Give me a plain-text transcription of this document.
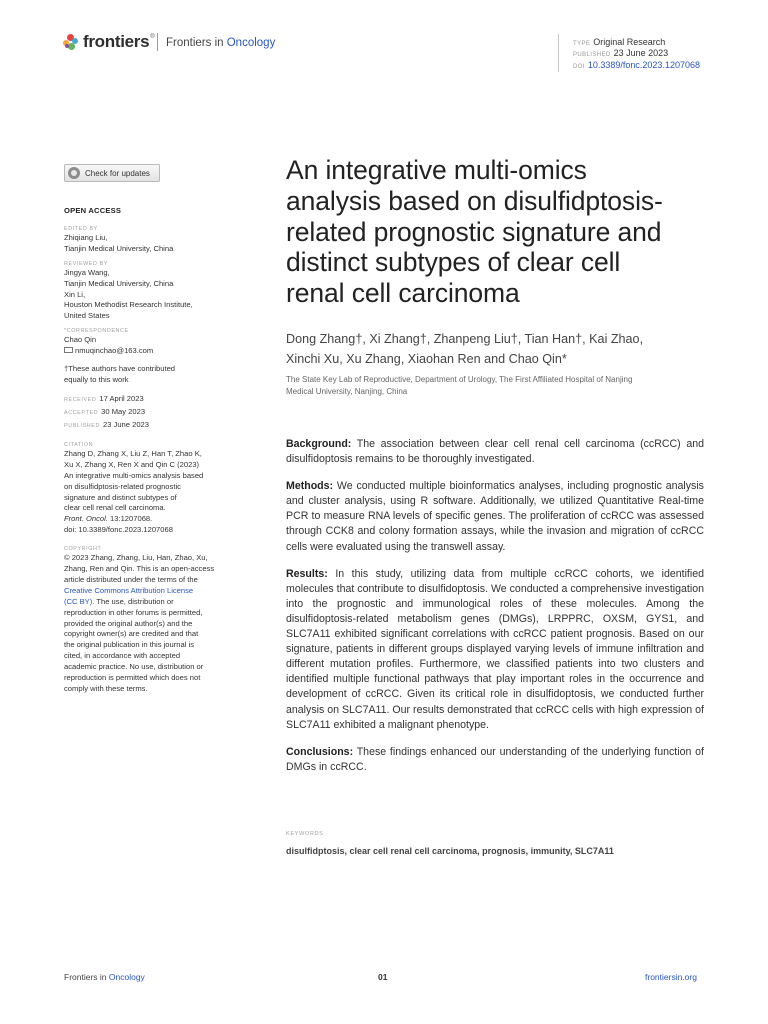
frontiers ® Frontiers in Oncology	TYPE Original Research
PUBLISHED 23 June 2023
DOI 10.3389/fonc.2023.1207068
Check for updates
OPEN ACCESS
EDITED BY
Zhiqiang Liu,
Tianjin Medical University, China
REVIEWED BY
Jingya Wang,
Tianjin Medical University, China
Xin Li,
Houston Methodist Research Institute,
United States
*CORRESPONDENCE
Chao Qin
nmuqinchao@163.com
†These authors have contributed
equally to this work
RECEIVED 17 April 2023
ACCEPTED 30 May 2023
PUBLISHED 23 June 2023
CITATION
Zhang D, Zhang X, Liu Z, Han T, Zhao K,
Xu X, Zhang X, Ren X and Qin C (2023)
An integrative multi-omics analysis based
on disulfidptosis-related prognostic
signature and distinct subtypes of
clear cell renal cell carcinoma.
Front. Oncol. 13:1207068.
doi: 10.3389/fonc.2023.1207068
COPYRIGHT
© 2023 Zhang, Zhang, Liu, Han, Zhao, Xu,
Zhang, Ren and Qin. This is an open-access
article distributed under the terms of the
Creative Commons Attribution License
(CC BY). The use, distribution or
reproduction in other forums is permitted,
provided the original author(s) and the
copyright owner(s) are credited and that
the original publication in this journal is
cited, in accordance with accepted
academic practice. No use, distribution or
reproduction is permitted which does not
comply with these terms.
An integrative multi-omics
analysis based on disulfidptosis-
related prognostic signature and
distinct subtypes of clear cell
renal cell carcinoma
Dong Zhang†, Xi Zhang†, Zhanpeng Liu†, Tian Han†, Kai Zhao,
Xinchi Xu, Xu Zhang, Xiaohan Ren and Chao Qin*
The State Key Lab of Reproductive, Department of Urology, The First Affiliated Hospital of Nanjing
Medical University, Nanjing, China

Background: The association between clear cell renal cell carcinoma (ccRCC) and disulfidoptosis remains to be thoroughly investigated.

Methods: We conducted multiple bioinformatics analyses, including prognostic analysis and cluster analysis, using R software. Additionally, we utilized Quantitative Real-time PCR to measure RNA levels of specific genes. The proliferation of ccRCC was assessed through CCK8 and colony formation assays, while the invasion and migration of ccRCC cells were evaluated using the transwell assay.

Results: In this study, utilizing data from multiple ccRCC cohorts, we identified molecules that contribute to disulfidoptosis. We conducted a comprehensive investigation into the prognostic and immunological roles of these molecules. Among the disulfidoptosis-related metabolism genes (DMGs), LRPPRC, OXSM, GYS1, and SLC7A11 exhibited significant correlations with ccRCC patient prognosis. Based on our signature, patients in different groups displayed varying levels of immune infiltration and different mutation profiles. Furthermore, we classified patients into two clusters and identified multiple functional pathways that play important roles in the occurrence and development of ccRCC. Given its critical role in disulfidoptosis, we conducted further analysis on SLC7A11. Our results demonstrated that ccRCC cells with high expression of SLC7A11 exhibited a malignant phenotype.

Conclusions: These findings enhanced our understanding of the underlying function of DMGs in ccRCC.

KEYWORDS
disulfidptosis, clear cell renal cell carcinoma, prognosis, immunity, SLC7A11
Frontiers in Oncology	01	frontiersin.org
